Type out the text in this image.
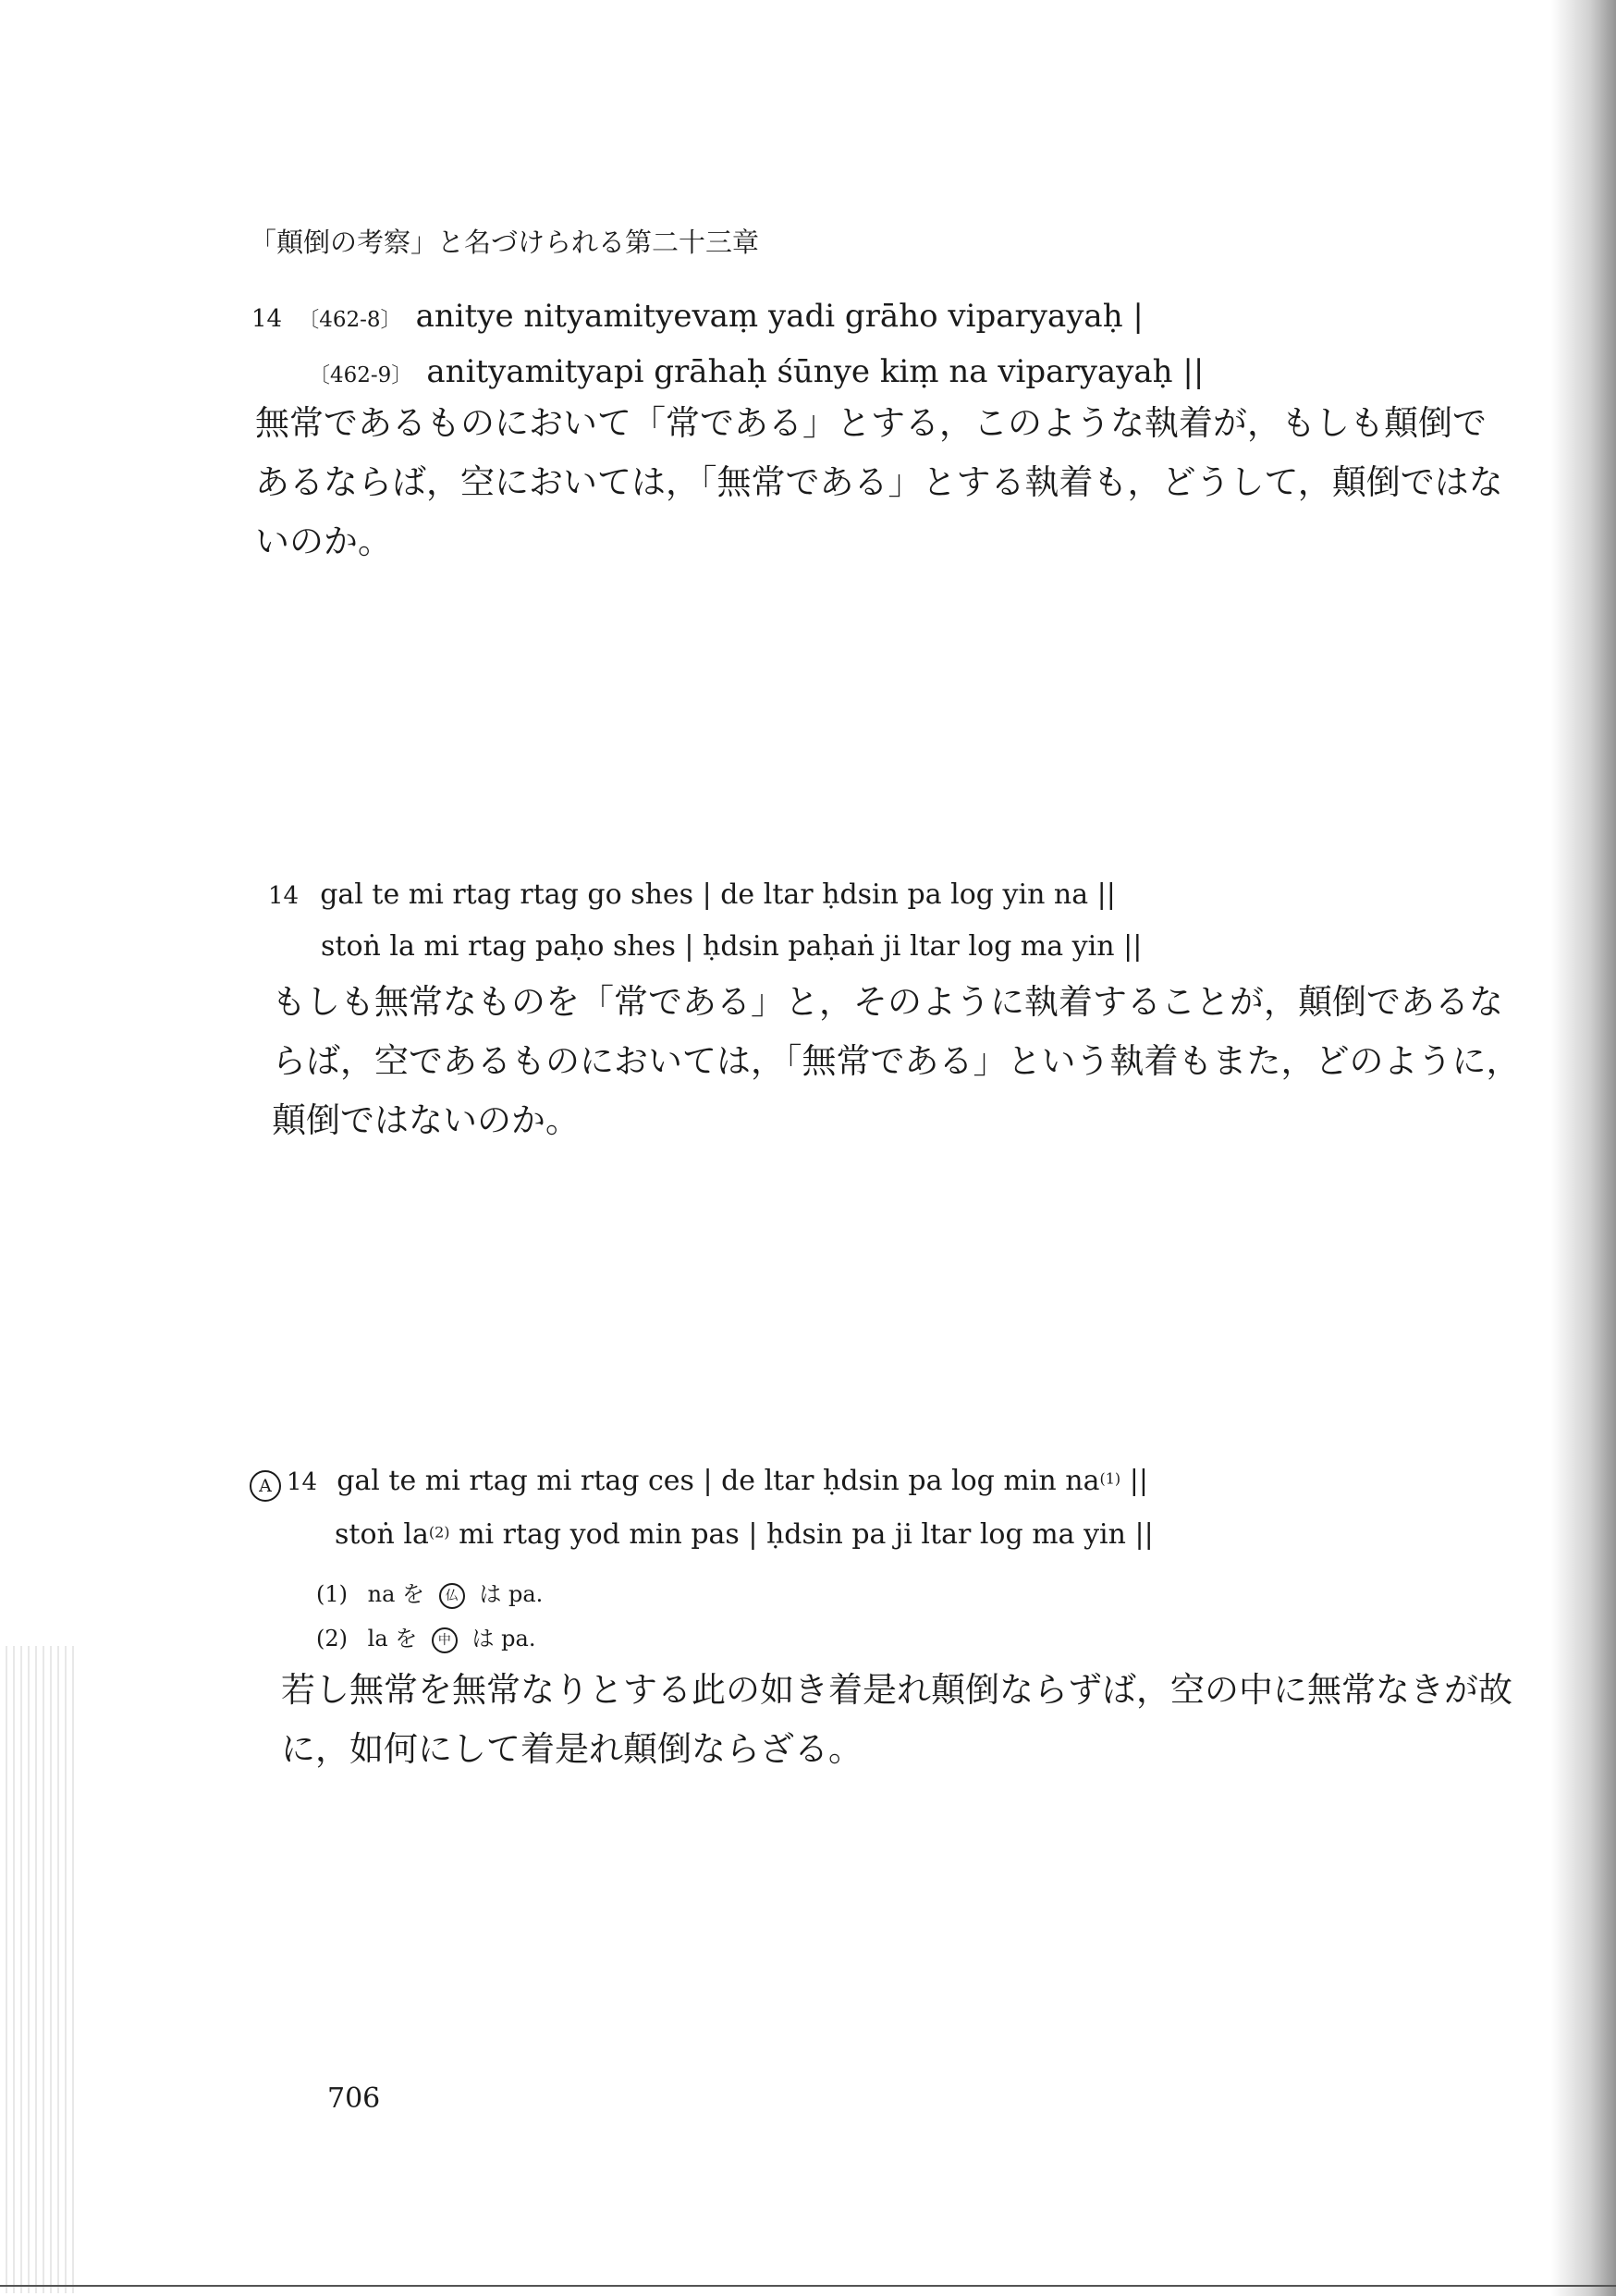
「顛倒の考察」と名づけられる第二十三章
14 〔462-8〕 anitye nityamityevaṃ yadi grāho viparyayaḥ |
〔462-9〕 anityamityapi grāhaḥ śūnye kiṃ na viparyayaḥ ||
無常であるものにおいて「常である」とする，このような執着が，もしも顛倒で
あるならば，空においては，「無常である」とする執着も，どうして，顛倒ではな
いのか。
14 gal te mi rtag rtag go shes | de ltar ḥdsin pa log yin na ||
stoṅ la mi rtag paḥo shes | ḥdsin paḥaṅ ji ltar log ma yin ||
もしも無常なものを「常である」と，そのように執着することが，顛倒であるな
らば，空であるものにおいては，「無常である」という執着もまた，どのように，
顛倒ではないのか。
A 14 gal te mi rtag mi rtag ces | de ltar ḥdsin pa $\log \min na^{(1)}$ ||
stoṅ $la^{(2)}$ mi rtag yod min pas | ḥdsin pa ji ltar log ma yin ||
(1) na を 仏 は pa.
(2) la を 中 は pa.
若し無常を無常なりとする此の如き着是れ顛倒ならずば，空の中に無常なきが故
に，如何にして着是れ顛倒ならざる。
706
